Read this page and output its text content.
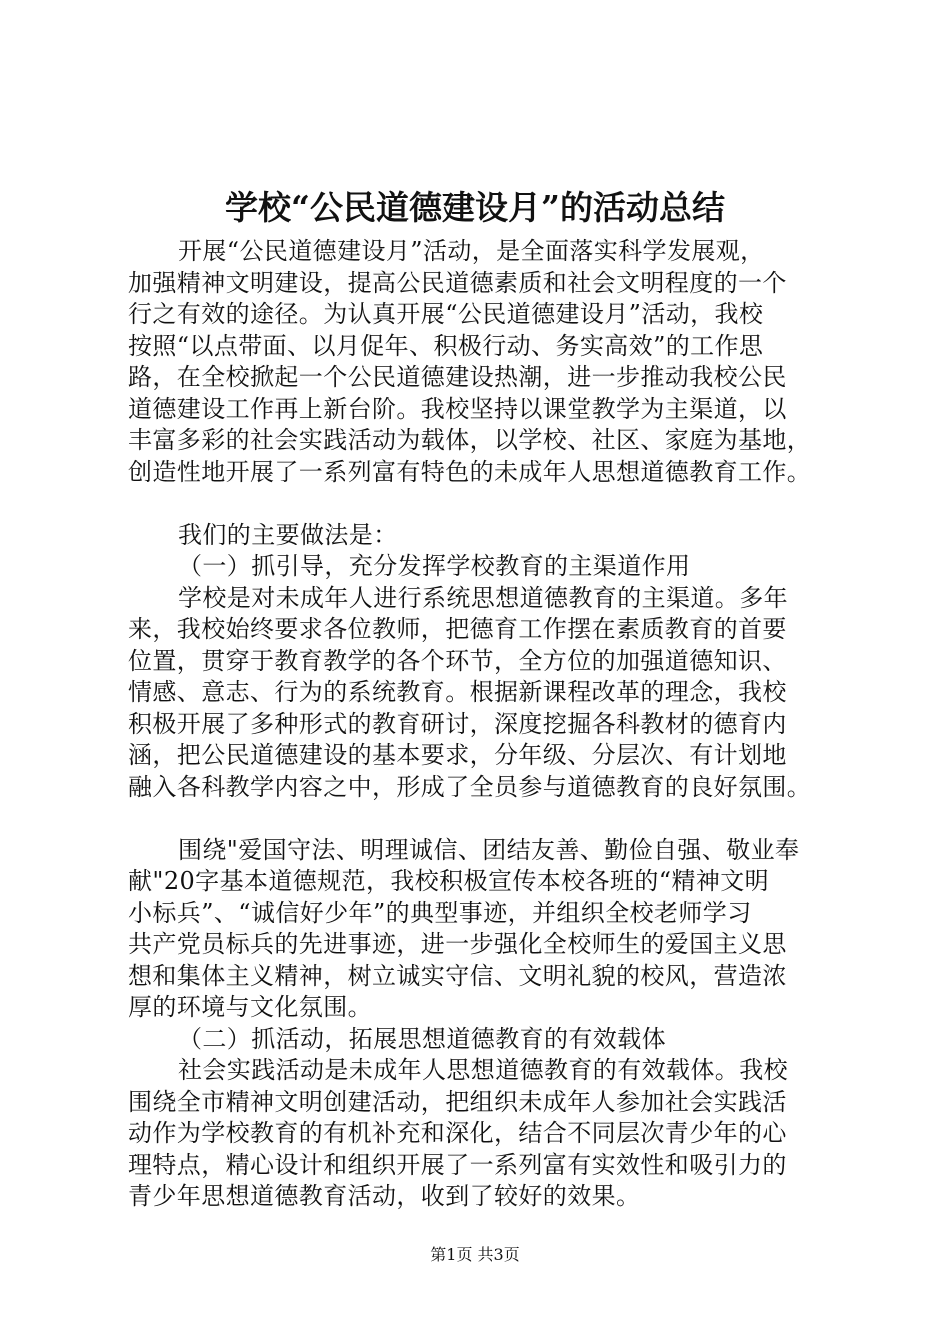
学校“公民道德建设月”的活动总结
开展“公民道德建设月”活动，是全面落实科学发展观，
加强精神文明建设，提高公民道德素质和社会文明程度的一个
行之有效的途径。为认真开展“公民道德建设月”活动，我校
按照“以点带面、以月促年、积极行动、务实高效”的工作思
路，在全校掀起一个公民道德建设热潮，进一步推动我校公民
道德建设工作再上新台阶。我校坚持以课堂教学为主渠道，以
丰富多彩的社会实践活动为载体，以学校、社区、家庭为基地，
创造性地开展了一系列富有特色的未成年人思想道德教育工作。
我们的主要做法是：
（一）抓引导，充分发挥学校教育的主渠道作用
学校是对未成年人进行系统思想道德教育的主渠道。多年
来，我校始终要求各位教师，把德育工作摆在素质教育的首要
位置，贯穿于教育教学的各个环节，全方位的加强道德知识、
情感、意志、行为的系统教育。根据新课程改革的理念，我校
积极开展了多种形式的教育研讨，深度挖掘各科教材的德育内
涵，把公民道德建设的基本要求，分年级、分层次、有计划地
融入各科教学内容之中，形成了全员参与道德教育的良好氛围。
围绕"爱国守法、明理诚信、团结友善、勤俭自强、敬业奉
献"20字基本道德规范，我校积极宣传本校各班的“精神文明
小标兵”、“诚信好少年”的典型事迹，并组织全校老师学习
共产党员标兵的先进事迹，进一步强化全校师生的爱国主义思
想和集体主义精神，树立诚实守信、文明礼貌的校风，营造浓
厚的环境与文化氛围。
（二）抓活动，拓展思想道德教育的有效载体
社会实践活动是未成年人思想道德教育的有效载体。我校
围绕全市精神文明创建活动，把组织未成年人参加社会实践活
动作为学校教育的有机补充和深化，结合不同层次青少年的心
理特点，精心设计和组织开展了一系列富有实效性和吸引力的
青少年思想道德教育活动，收到了较好的效果。
第1页 共3页
